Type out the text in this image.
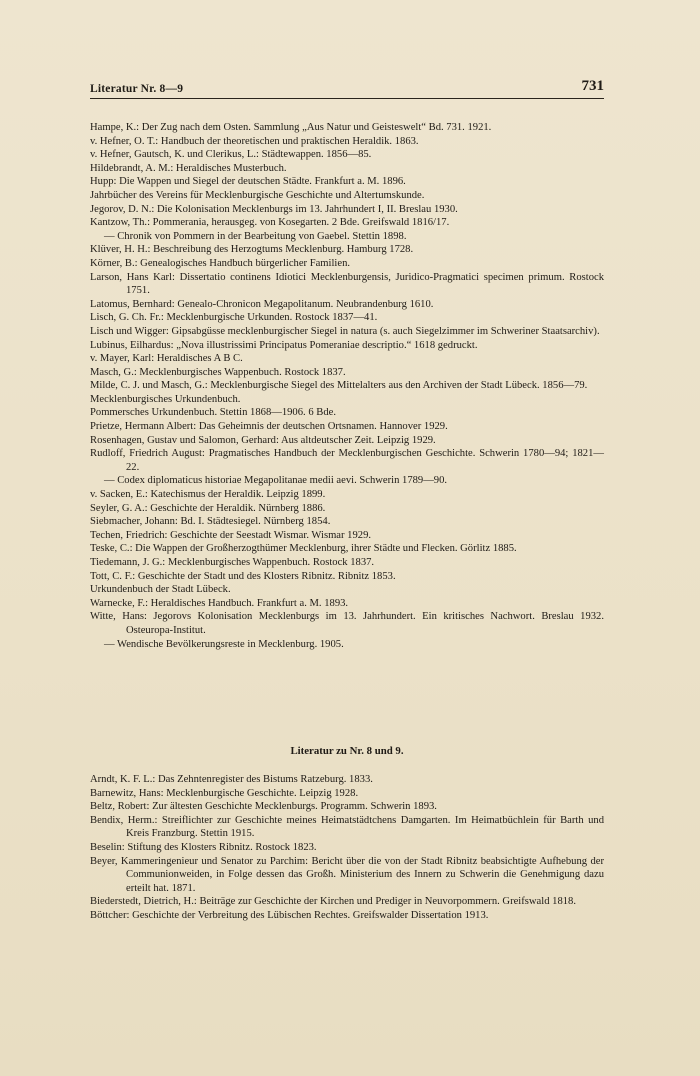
Literatur Nr. 8—9	731
Hampe, K.: Der Zug nach dem Osten. Sammlung „Aus Natur und Geisteswelt“ Bd. 731. 1921.
v. Hefner, O. T.: Handbuch der theoretischen und praktischen Heraldik. 1863.
v. Hefner, Gautsch, K. und Clerikus, L.: Städtewappen. 1856—85.
Hildebrandt, A. M.: Heraldisches Musterbuch.
Hupp: Die Wappen und Siegel der deutschen Städte. Frankfurt a. M. 1896.
Jahrbücher des Vereins für Mecklenburgische Geschichte und Altertumskunde.
Jegorov, D. N.: Die Kolonisation Mecklenburgs im 13. Jahrhundert I, II. Breslau 1930.
Kantzow, Th.: Pommerania, herausgeg. von Kosegarten. 2 Bde. Greifswald 1816/17.
— Chronik von Pommern in der Bearbeitung von Gaebel. Stettin 1898.
Klüver, H. H.: Beschreibung des Herzogtums Mecklenburg. Hamburg 1728.
Körner, B.: Genealogisches Handbuch bürgerlicher Familien.
Larson, Hans Karl: Dissertatio continens Idiotici Mecklenburgensis, Juridico-Pragmatici specimen primum. Rostock 1751.
Latomus, Bernhard: Genealo-Chronicon Megapolitanum. Neubrandenburg 1610.
Lisch, G. Ch. Fr.: Mecklenburgische Urkunden. Rostock 1837—41.
Lisch und Wigger: Gipsabgüsse mecklenburgischer Siegel in natura (s. auch Siegelzimmer im Schweriner Staatsarchiv).
Lubinus, Eilhardus: „Nova illustrissimi Principatus Pomeraniae descriptio.“ 1618 gedruckt.
v. Mayer, Karl: Heraldisches A B C.
Masch, G.: Mecklenburgisches Wappenbuch. Rostock 1837.
Milde, C. J. und Masch, G.: Mecklenburgische Siegel des Mittelalters aus den Archiven der Stadt Lübeck. 1856—79.
Mecklenburgisches Urkundenbuch.
Pommersches Urkundenbuch. Stettin 1868—1906. 6 Bde.
Prietze, Hermann Albert: Das Geheimnis der deutschen Ortsnamen. Hannover 1929.
Rosenhagen, Gustav und Salomon, Gerhard: Aus altdeutscher Zeit. Leipzig 1929.
Rudloff, Friedrich August: Pragmatisches Handbuch der Mecklenburgischen Geschichte. Schwerin 1780—94; 1821—22.
— Codex diplomaticus historiae Megapolitanae medii aevi. Schwerin 1789—90.
v. Sacken, E.: Katechismus der Heraldik. Leipzig 1899.
Seyler, G. A.: Geschichte der Heraldik. Nürnberg 1886.
Siebmacher, Johann: Bd. I. Städtesiegel. Nürnberg 1854.
Techen, Friedrich: Geschichte der Seestadt Wismar. Wismar 1929.
Teske, C.: Die Wappen der Großherzogthümer Mecklenburg, ihrer Städte und Flecken. Görlitz 1885.
Tiedemann, J. G.: Mecklenburgisches Wappenbuch. Rostock 1837.
Tott, C. F.: Geschichte der Stadt und des Klosters Ribnitz. Ribnitz 1853.
Urkundenbuch der Stadt Lübeck.
Warnecke, F.: Heraldisches Handbuch. Frankfurt a. M. 1893.
Witte, Hans: Jegorovs Kolonisation Mecklenburgs im 13. Jahrhundert. Ein kritisches Nachwort. Breslau 1932. Osteuropa-Institut.
— Wendische Bevölkerungsreste in Mecklenburg. 1905.
Literatur zu Nr. 8 und 9.
Arndt, K. F. L.: Das Zehntenregister des Bistums Ratzeburg. 1833.
Barnewitz, Hans: Mecklenburgische Geschichte. Leipzig 1928.
Beltz, Robert: Zur ältesten Geschichte Mecklenburgs. Programm. Schwerin 1893.
Bendix, Herm.: Streiflichter zur Geschichte meines Heimatstädtchens Damgarten. Im Heimatbüchlein für Barth und Kreis Franzburg. Stettin 1915.
Beselin: Stiftung des Klosters Ribnitz. Rostock 1823.
Beyer, Kammeringenieur und Senator zu Parchim: Bericht über die von der Stadt Ribnitz beabsichtigte Aufhebung der Communionweiden, in Folge dessen das Großh. Ministerium des Innern zu Schwerin die Genehmigung dazu erteilt hat. 1871.
Biederstedt, Dietrich, H.: Beiträge zur Geschichte der Kirchen und Prediger in Neuvorpommern. Greifswald 1818.
Böttcher: Geschichte der Verbreitung des Lübischen Rechtes. Greifswalder Dissertation 1913.
